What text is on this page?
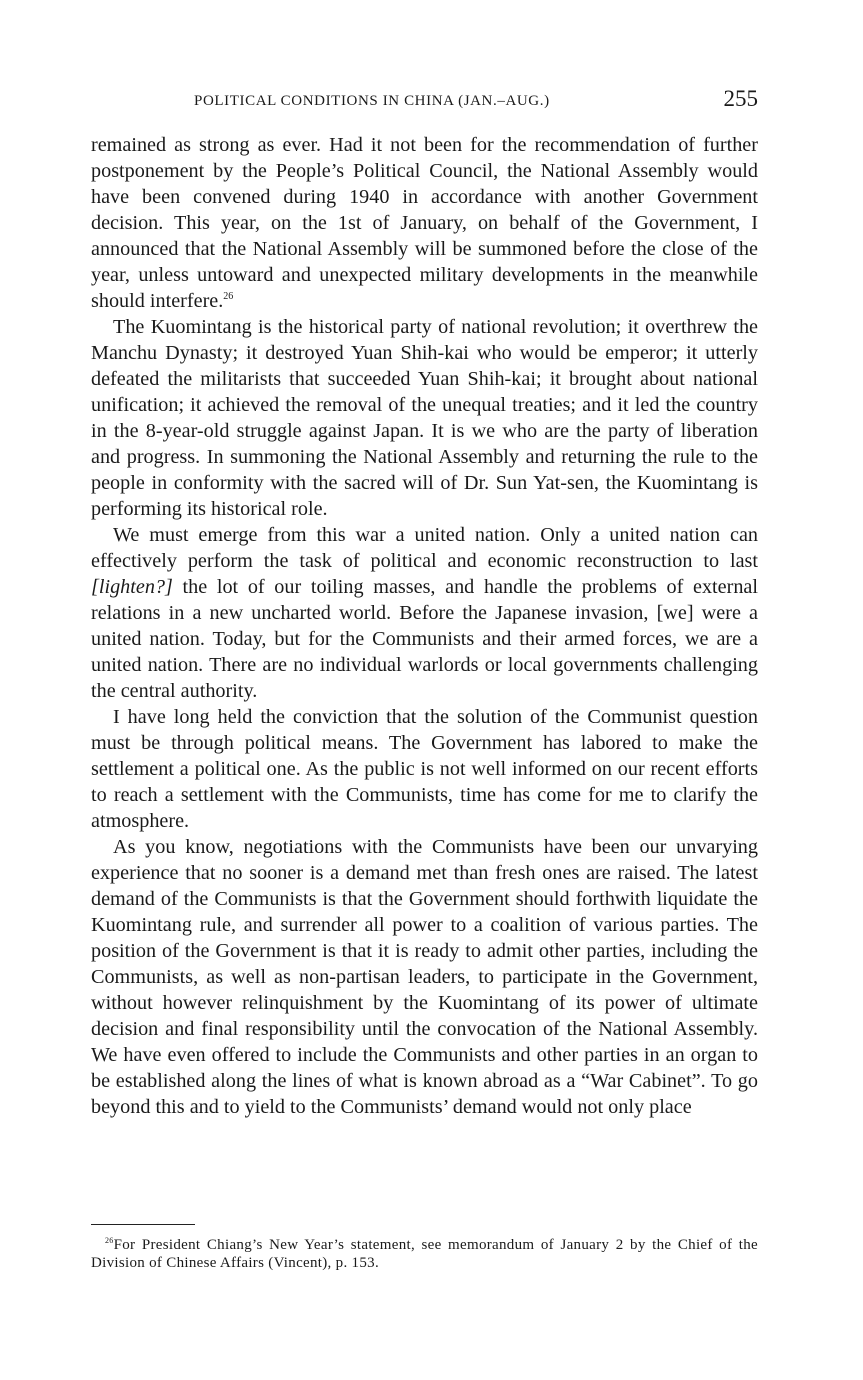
POLITICAL CONDITIONS IN CHINA (JAN.–AUG.)	255

remained as strong as ever. Had it not been for the recommendation of further postponement by the People’s Political Council, the National Assembly would have been convened during 1940 in accordance with another Government decision. This year, on the 1st of January, on behalf of the Government, I announced that the National Assembly will be summoned before the close of the year, unless untoward and unexpected military developments in the meanwhile should interfere.$^{26}$

The Kuomintang is the historical party of national revolution; it overthrew the Manchu Dynasty; it destroyed Yuan Shih-kai who would be emperor; it utterly defeated the militarists that succeeded Yuan Shih-kai; it brought about national unification; it achieved the removal of the unequal treaties; and it led the country in the 8-year-old struggle against Japan. It is we who are the party of liberation and progress. In summoning the National Assembly and returning the rule to the people in conformity with the sacred will of Dr. Sun Yat-sen, the Kuomintang is performing its historical role.

We must emerge from this war a united nation. Only a united nation can effectively perform the task of political and economic reconstruction to last [lighten?] the lot of our toiling masses, and handle the problems of external relations in a new uncharted world. Before the Japanese invasion, [we] were a united nation. Today, but for the Communists and their armed forces, we are a united nation. There are no individual warlords or local governments challenging the central authority.

I have long held the conviction that the solution of the Communist question must be through political means. The Government has labored to make the settlement a political one. As the public is not well informed on our recent efforts to reach a settlement with the Communists, time has come for me to clarify the atmosphere.

As you know, negotiations with the Communists have been our unvarying experience that no sooner is a demand met than fresh ones are raised. The latest demand of the Communists is that the Government should forthwith liquidate the Kuomintang rule, and surrender all power to a coalition of various parties. The position of the Government is that it is ready to admit other parties, including the Communists, as well as non-partisan leaders, to participate in the Government, without however relinquishment by the Kuomintang of its power of ultimate decision and final responsibility until the convocation of the National Assembly. We have even offered to include the Communists and other parties in an organ to be established along the lines of what is known abroad as a “War Cabinet”. To go beyond this and to yield to the Communists’ demand would not only place

$^{26}$For President Chiang’s New Year’s statement, see memorandum of January 2 by the Chief of the Division of Chinese Affairs (Vincent), p. 153.
